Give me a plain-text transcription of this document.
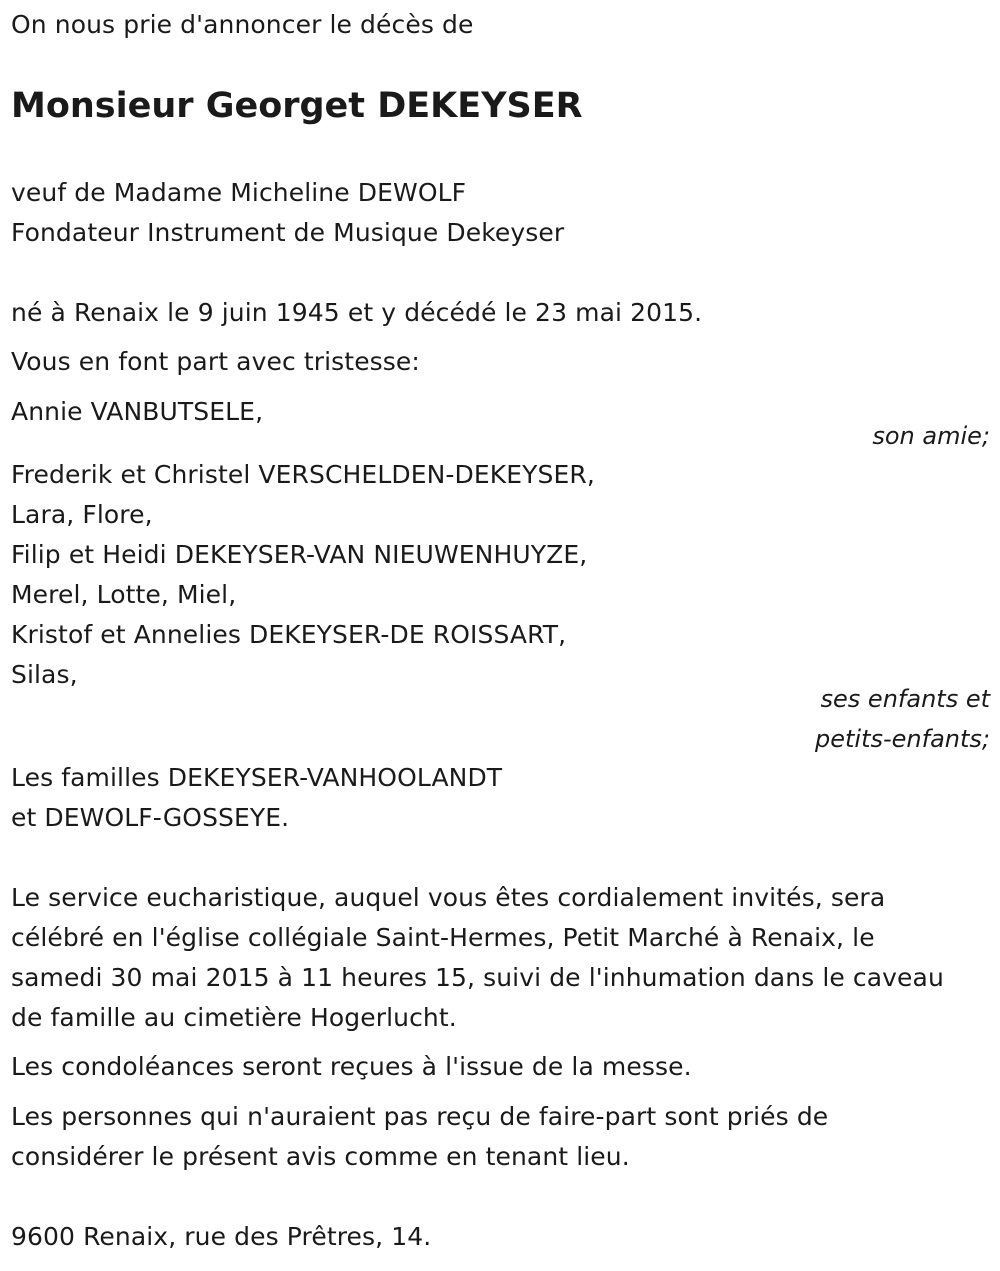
On nous prie d'annoncer le décès de
Monsieur Georget DEKEYSER
veuf de Madame Micheline DEWOLF
Fondateur Instrument de Musique Dekeyser
né à Renaix le 9 juin 1945 et y décédé le 23 mai 2015.
Vous en font part avec tristesse:
Annie VANBUTSELE,
son amie;
Frederik et Christel VERSCHELDEN-DEKEYSER,
Lara, Flore,
Filip et Heidi DEKEYSER-VAN NIEUWENHUYZE,
Merel, Lotte, Miel,
Kristof et Annelies DEKEYSER-DE ROISSART,
Silas,
ses enfants et
petits-enfants;
Les familles DEKEYSER-VANHOOLANDT
et DEWOLF-GOSSEYE.
Le service eucharistique, auquel vous êtes cordialement invités, sera
célébré en l'église collégiale Saint-Hermes, Petit Marché à Renaix, le
samedi 30 mai 2015 à 11 heures 15, suivi de l'inhumation dans le caveau
de famille au cimetière Hogerlucht.
Les condoléances seront reçues à l'issue de la messe.
Les personnes qui n'auraient pas reçu de faire-part sont priés de
considérer le présent avis comme en tenant lieu.
9600 Renaix, rue des Prêtres, 14.
